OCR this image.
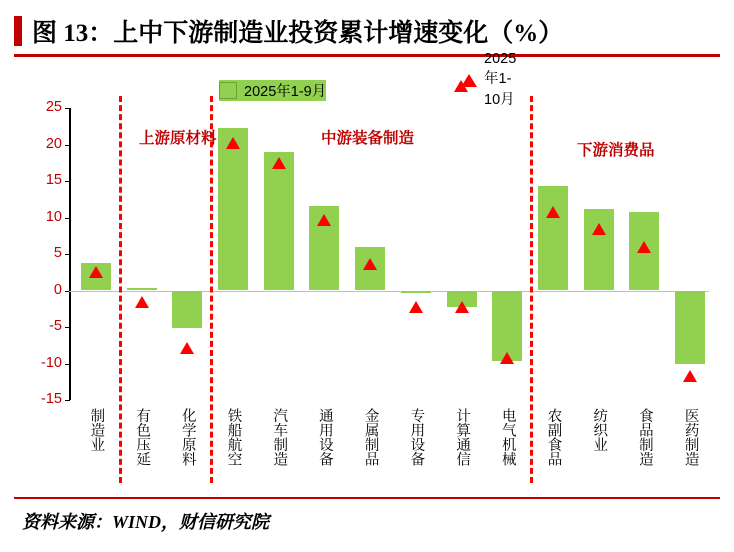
图 13：上中下游制造业投资累计增速变化（%）
2025年1-9月
2025年1-10月
-15
-10
-5
0
5
10
15
20
25
制造业 有色压延 化学原料 铁船航空 汽车制造 通用设备 金属制品 专用设备 计算通信 电气机械 农副食品 纺织业 食品制造 医药制造
上游原材料	中游装备制造
下游消费品
资料来源：WIND，财信研究院
